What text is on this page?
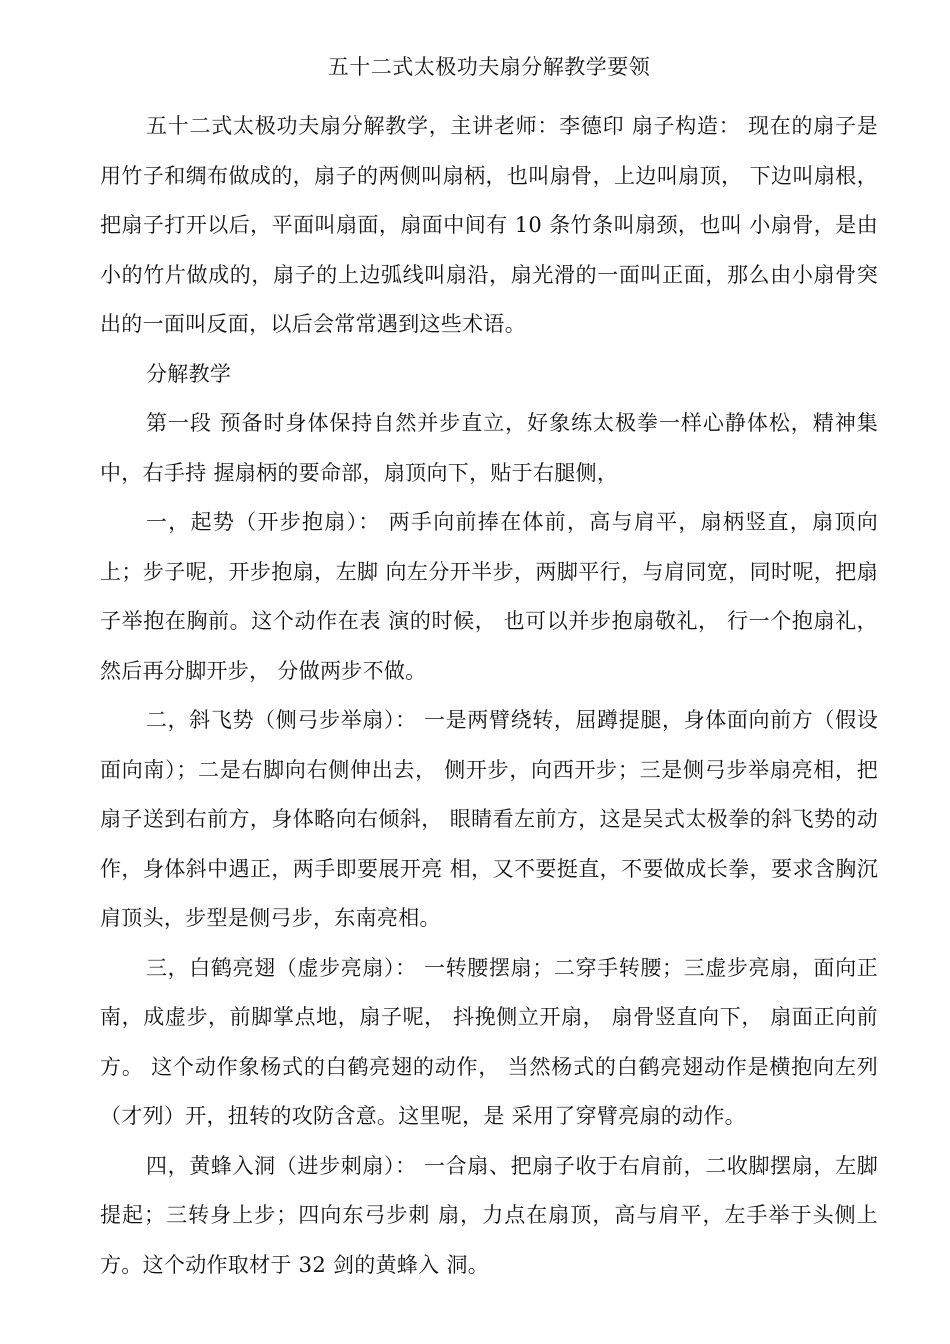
五十二式太极功夫扇分解教学要领

五十二式太极功夫扇分解教学，主讲老师：李德印 扇子构造： 现在的扇子是用竹子和绸布做成的，扇子的两侧叫扇柄，也叫扇骨，上边叫扇顶， 下边叫扇根，把扇子打开以后，平面叫扇面，扇面中间有 10 条竹条叫扇颈，也叫 小扇骨，是由小的竹片做成的，扇子的上边弧线叫扇沿，扇光滑的一面叫正面，那么由小扇骨突出的一面叫反面，以后会常常遇到这些术语。

分解教学

第一段 预备时身体保持自然并步直立，好象练太极拳一样心静体松，精神集中，右手持 握扇柄的要命部，扇顶向下，贴于右腿侧，

一，起势（开步抱扇）： 两手向前捧在体前，高与肩平，扇柄竖直，扇顶向上；步子呢，开步抱扇，左脚 向左分开半步，两脚平行，与肩同宽，同时呢，把扇子举抱在胸前。这个动作在表 演的时候， 也可以并步抱扇敬礼， 行一个抱扇礼， 然后再分脚开步， 分做两步不做。

二，斜飞势（侧弓步举扇）： 一是两臂绕转，屈蹲提腿，身体面向前方（假设面向南）；二是右脚向右侧伸出去， 侧开步，向西开步；三是侧弓步举扇亮相，把扇子送到右前方，身体略向右倾斜， 眼睛看左前方，这是吴式太极拳的斜飞势的动作，身体斜中遇正，两手即要展开亮 相，又不要挺直，不要做成长拳，要求含胸沉肩顶头，步型是侧弓步，东南亮相。

三，白鹤亮翅（虚步亮扇）： 一转腰摆扇；二穿手转腰；三虚步亮扇，面向正南，成虚步，前脚掌点地，扇子呢， 抖挽侧立开扇， 扇骨竖直向下， 扇面正向前方。 这个动作象杨式的白鹤亮翅的动作， 当然杨式的白鹤亮翅动作是横抱向左列（才列）开，扭转的攻防含意。这里呢，是 采用了穿臂亮扇的动作。

四，黄蜂入洞（进步刺扇）： 一合扇、把扇子收于右肩前，二收脚摆扇，左脚提起；三转身上步；四向东弓步刺 扇，力点在扇顶，高与肩平，左手举于头侧上方。这个动作取材于 32 剑的黄蜂入 洞。
